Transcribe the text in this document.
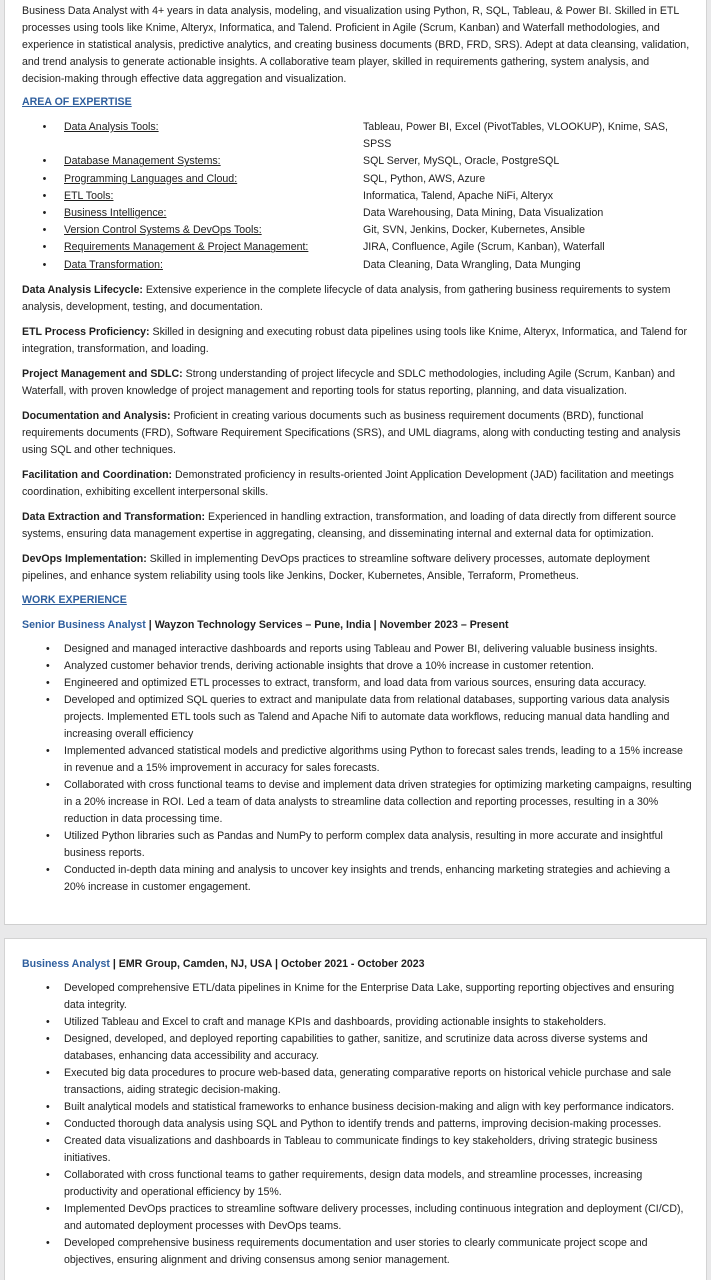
Business Data Analyst with 4+ years in data analysis, modeling, and visualization using Python, R, SQL, Tableau, & Power BI. Skilled in ETL processes using tools like Knime, Alteryx, Informatica, and Talend. Proficient in Agile (Scrum, Kanban) and Waterfall methodologies, and experience in statistical analysis, predictive analytics, and creating business documents (BRD, FRD, SRS). Adept at data cleansing, validation, and trend analysis to generate actionable insights. A collaborative team player, skilled in requirements gathering, system analysis, and decision-making through effective data aggregation and visualization.

AREA OF EXPERTISE
•	Data Analysis Tools:	Tableau, Power BI, Excel (PivotTables, VLOOKUP), Knime, SAS, SPSS
•	Database Management Systems:	SQL Server, MySQL, Oracle, PostgreSQL
•	Programming Languages and Cloud:	SQL, Python, AWS, Azure
•	ETL Tools:	Informatica, Talend, Apache NiFi, Alteryx
•	Business Intelligence:	Data Warehousing, Data Mining, Data Visualization
•	Version Control Systems & DevOps Tools:	Git, SVN, Jenkins, Docker, Kubernetes, Ansible
•	Requirements Management & Project Management:	JIRA, Confluence, Agile (Scrum, Kanban), Waterfall
•	Data Transformation:	Data Cleaning, Data Wrangling, Data Munging

Data Analysis Lifecycle: Extensive experience in the complete lifecycle of data analysis, from gathering business requirements to system analysis, development, testing, and documentation.

ETL Process Proficiency: Skilled in designing and executing robust data pipelines using tools like Knime, Alteryx, Informatica, and Talend for integration, transformation, and loading.

Project Management and SDLC: Strong understanding of project lifecycle and SDLC methodologies, including Agile (Scrum, Kanban) and Waterfall, with proven knowledge of project management and reporting tools for status reporting, planning, and data visualization.

Documentation and Analysis: Proficient in creating various documents such as business requirement documents (BRD), functional requirements documents (FRD), Software Requirement Specifications (SRS), and UML diagrams, along with conducting testing and analysis using SQL and other techniques.

Facilitation and Coordination: Demonstrated proficiency in results-oriented Joint Application Development (JAD) facilitation and meetings coordination, exhibiting excellent interpersonal skills.

Data Extraction and Transformation: Experienced in handling extraction, transformation, and loading of data directly from different source systems, ensuring data management expertise in aggregating, cleansing, and disseminating internal and external data for optimization.

DevOps Implementation: Skilled in implementing DevOps practices to streamline software delivery processes, automate deployment pipelines, and enhance system reliability using tools like Jenkins, Docker, Kubernetes, Ansible, Terraform, Prometheus.

WORK EXPERIENCE
Senior Business Analyst | Wayzon Technology Services – Pune, India | November 2023 – Present
• Designed and managed interactive dashboards and reports using Tableau and Power BI, delivering valuable business insights.
• Analyzed customer behavior trends, deriving actionable insights that drove a 10% increase in customer retention.
• Engineered and optimized ETL processes to extract, transform, and load data from various sources, ensuring data accuracy.
• Developed and optimized SQL queries to extract and manipulate data from relational databases, supporting various data analysis projects. Implemented ETL tools such as Talend and Apache Nifi to automate data workflows, reducing manual data handling and increasing overall efficiency
• Implemented advanced statistical models and predictive algorithms using Python to forecast sales trends, leading to a 15% increase in revenue and a 15% improvement in accuracy for sales forecasts.
• Collaborated with cross functional teams to devise and implement data driven strategies for optimizing marketing campaigns, resulting in a 20% increase in ROI. Led a team of data analysts to streamline data collection and reporting processes, resulting in a 30% reduction in data processing time.
• Utilized Python libraries such as Pandas and NumPy to perform complex data analysis, resulting in more accurate and insightful business reports.
• Conducted in-depth data mining and analysis to uncover key insights and trends, enhancing marketing strategies and achieving a 20% increase in customer engagement.
Business Analyst | EMR Group, Camden, NJ, USA | October 2021 - October 2023
• Developed comprehensive ETL/data pipelines in Knime for the Enterprise Data Lake, supporting reporting objectives and ensuring data integrity.
• Utilized Tableau and Excel to craft and manage KPIs and dashboards, providing actionable insights to stakeholders.
• Designed, developed, and deployed reporting capabilities to gather, sanitize, and scrutinize data across diverse systems and databases, enhancing data accessibility and accuracy.
• Executed big data procedures to procure web-based data, generating comparative reports on historical vehicle purchase and sale transactions, aiding strategic decision-making.
• Built analytical models and statistical frameworks to enhance business decision-making and align with key performance indicators.
• Conducted thorough data analysis using SQL and Python to identify trends and patterns, improving decision-making processes.
• Created data visualizations and dashboards in Tableau to communicate findings to key stakeholders, driving strategic business initiatives.
• Collaborated with cross functional teams to gather requirements, design data models, and streamline processes, increasing productivity and operational efficiency by 15%.
• Implemented DevOps practices to streamline software delivery processes, including continuous integration and deployment (CI/CD), and automated deployment processes with DevOps teams.
• Developed comprehensive business requirements documentation and user stories to clearly communicate project scope and objectives, ensuring alignment and driving consensus among senior management.
